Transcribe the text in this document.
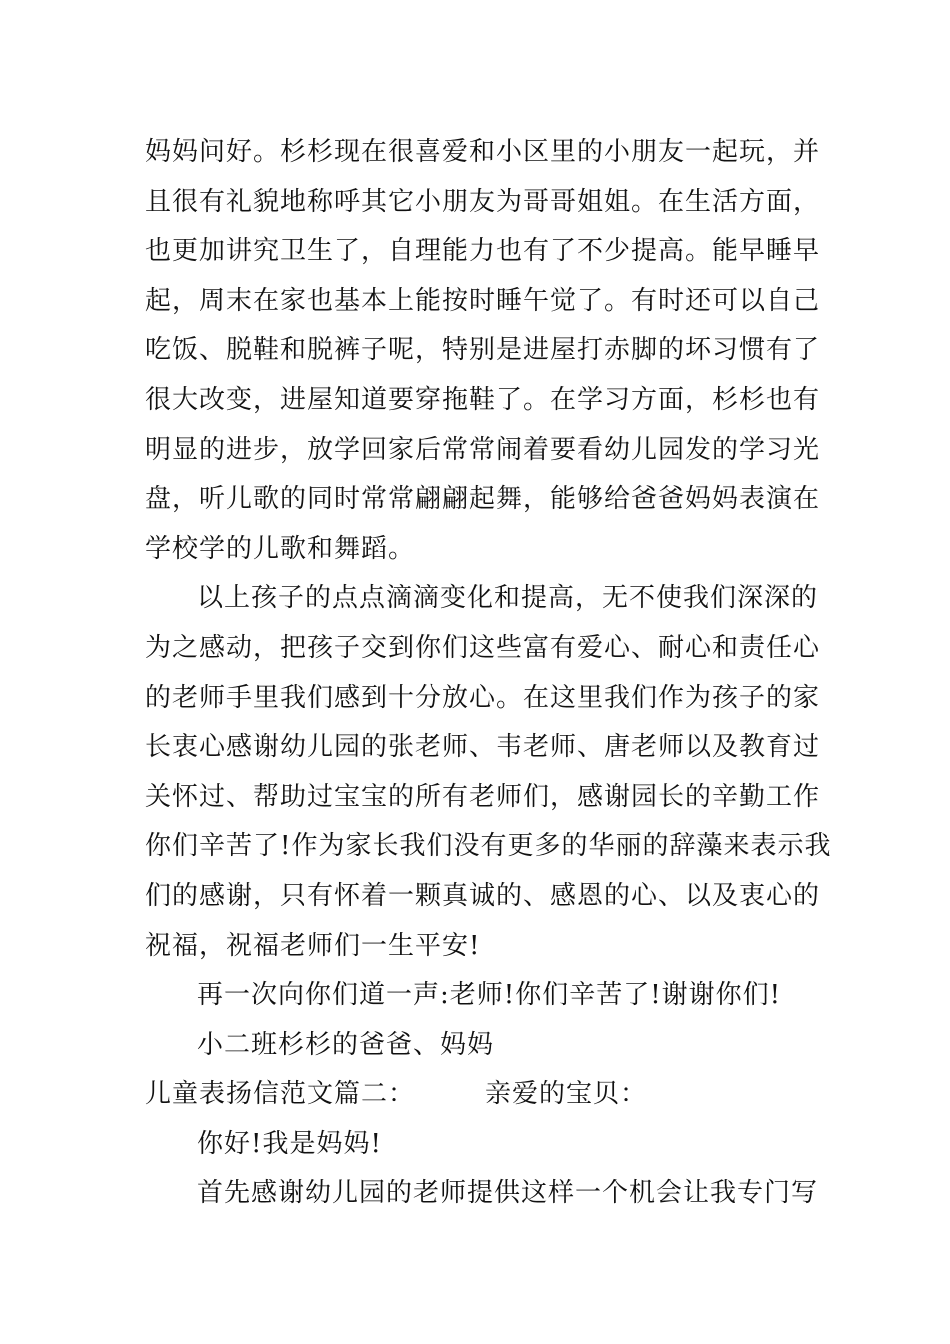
妈妈问好。杉杉现在很喜爱和小区里的小朋友一起玩，并
且很有礼貌地称呼其它小朋友为哥哥姐姐。在生活方面，
也更加讲究卫生了，自理能力也有了不少提高。能早睡早
起，周末在家也基本上能按时睡午觉了。有时还可以自己
吃饭、脱鞋和脱裤子呢，特别是进屋打赤脚的坏习惯有了
很大改变，进屋知道要穿拖鞋了。在学习方面，杉杉也有
明显的进步，放学回家后常常闹着要看幼儿园发的学习光
盘，听儿歌的同时常常翩翩起舞，能够给爸爸妈妈表演在
学校学的儿歌和舞蹈。
以上孩子的点点滴滴变化和提高，无不使我们深深的
为之感动，把孩子交到你们这些富有爱心、耐心和责任心
的老师手里我们感到十分放心。在这里我们作为孩子的家
长衷心感谢幼儿园的张老师、韦老师、唐老师以及教育过
关怀过、帮助过宝宝的所有老师们，感谢园长的辛勤工作
你们辛苦了!作为家长我们没有更多的华丽的辞藻来表示我
们的感谢，只有怀着一颗真诚的、感恩的心、以及衷心的
祝福，祝福老师们一生平安!
再一次向你们道一声:老师!你们辛苦了!谢谢你们!
小二班杉杉的爸爸、妈妈
儿童表扬信范文篇二：	亲爱的宝贝：
你好!我是妈妈!
首先感谢幼儿园的老师提供这样一个机会让我专门写
